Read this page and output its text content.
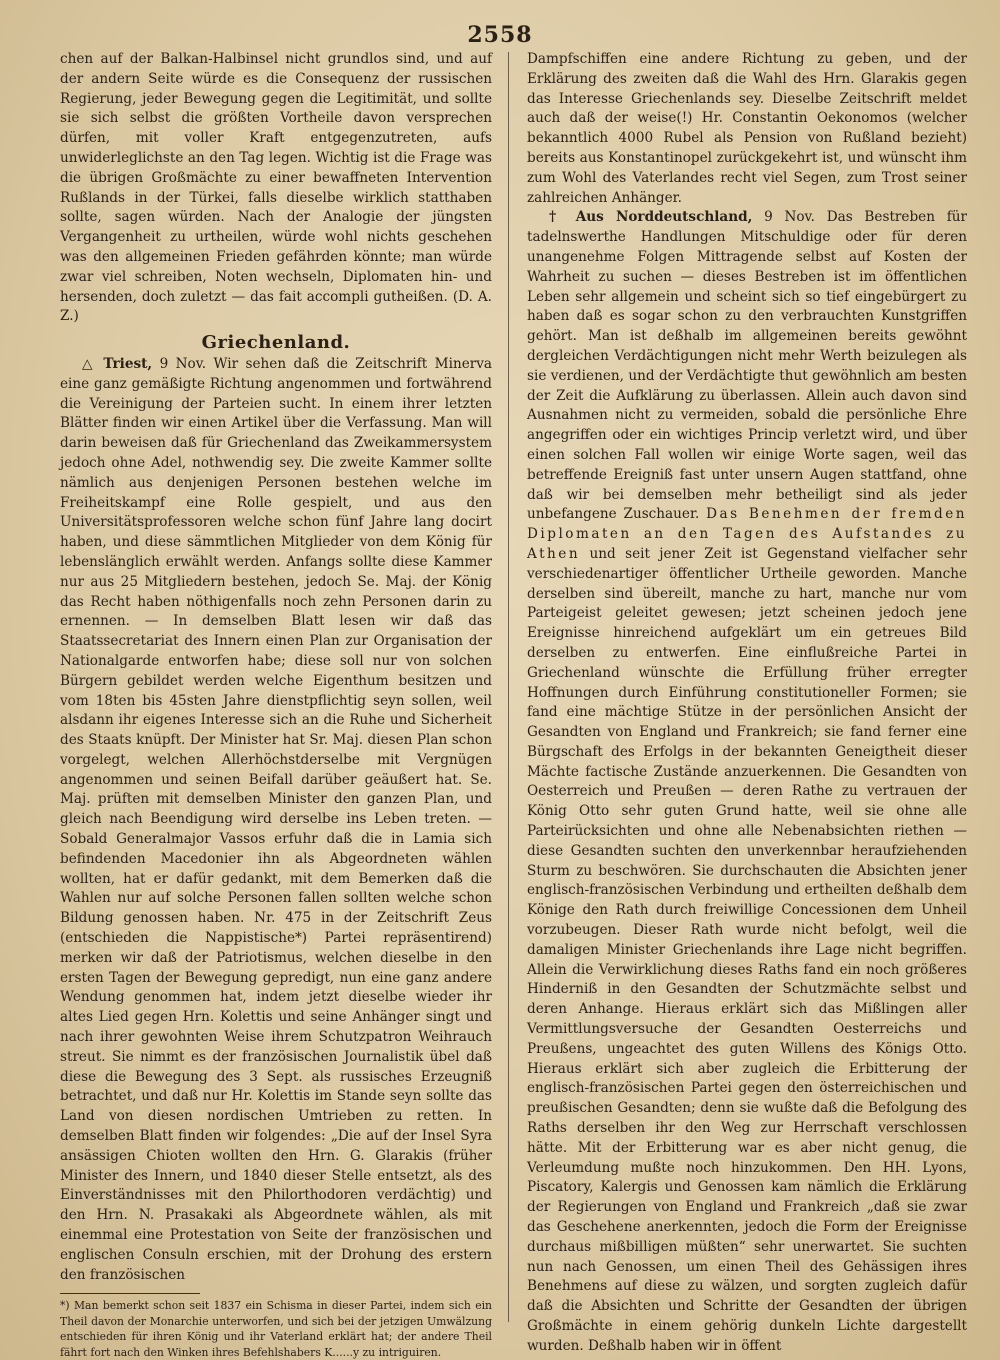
2558

chen auf der Balkan-Halbinsel nicht grundlos sind, und auf der andern Seite würde es die Consequenz der russischen Regierung, jeder Bewegung gegen die Legitimität, und sollte sie sich selbst die größten Vortheile davon versprechen dürfen, mit voller Kraft entgegenzutreten, aufs unwiderleglichste an den Tag legen. Wichtig ist die Frage was die übrigen Großmächte zu einer bewaffneten Intervention Rußlands in der Türkei, falls dieselbe wirklich statthaben sollte, sagen würden. Nach der Analogie der jüngsten Vergangenheit zu urtheilen, würde wohl nichts geschehen was den allgemeinen Frieden gefährden könnte; man würde zwar viel schreiben, Noten wechseln, Diplomaten hin- und hersenden, doch zuletzt — das fait accompli gutheißen. (D. A. Z.)

Griechenland.

△ Triest, 9 Nov. Wir sehen daß die Zeitschrift Minerva eine ganz gemäßigte Richtung angenommen und fortwährend die Vereinigung der Parteien sucht. In einem ihrer letzten Blätter finden wir einen Artikel über die Verfassung. Man will darin beweisen daß für Griechenland das Zweikammersystem jedoch ohne Adel, nothwendig sey. Die zweite Kammer sollte nämlich aus denjenigen Personen bestehen welche im Freiheitskampf eine Rolle gespielt, und aus den Universitätsprofessoren welche schon fünf Jahre lang docirt haben, und diese sämmtlichen Mitglieder von dem König für lebenslänglich erwählt werden. Anfangs sollte diese Kammer nur aus 25 Mitgliedern bestehen, jedoch Se. Maj. der König das Recht haben nöthigenfalls noch zehn Personen darin zu ernennen. — In demselben Blatt lesen wir daß das Staatssecretariat des Innern einen Plan zur Organisation der Nationalgarde entworfen habe; diese soll nur von solchen Bürgern gebildet werden welche Eigenthum besitzen und vom 18ten bis 45sten Jahre dienstpflichtig seyn sollen, weil alsdann ihr eigenes Interesse sich an die Ruhe und Sicherheit des Staats knüpft. Der Minister hat Sr. Maj. diesen Plan schon vorgelegt, welchen Allerhöchstderselbe mit Vergnügen angenommen und seinen Beifall darüber geäußert hat. Se. Maj. prüften mit demselben Minister den ganzen Plan, und gleich nach Beendigung wird derselbe ins Leben treten. — Sobald Generalmajor Vassos erfuhr daß die in Lamia sich befindenden Macedonier ihn als Abgeordneten wählen wollten, hat er dafür gedankt, mit dem Bemerken daß die Wahlen nur auf solche Personen fallen sollten welche schon Bildung genossen haben. Nr. 475 in der Zeitschrift Zeus (entschieden die Nappistische*) Partei repräsentirend) merken wir daß der Patriotismus, welchen dieselbe in den ersten Tagen der Bewegung gepredigt, nun eine ganz andere Wendung genommen hat, indem jetzt dieselbe wieder ihr altes Lied gegen Hrn. Kolettis und seine Anhänger singt und nach ihrer gewohnten Weise ihrem Schutzpatron Weihrauch streut. Sie nimmt es der französischen Journalistik übel daß diese die Bewegung des 3 Sept. als russisches Erzeugniß betrachtet, und daß nur Hr. Kolettis im Stande seyn sollte das Land von diesen nordischen Umtrieben zu retten. In demselben Blatt finden wir folgendes: „Die auf der Insel Syra ansässigen Chioten wollten den Hrn. G. Glarakis (früher Minister des Innern, und 1840 dieser Stelle entsetzt, als des Einverständnisses mit den Philorthodoren verdächtig) und den Hrn. N. Prasakaki als Abgeordnete wählen, als mit einemmal eine Protestation von Seite der französischen und englischen Consuln erschien, mit der Drohung des erstern den französischen

*) Man bemerkt schon seit 1837 ein Schisma in dieser Partei, indem sich ein Theil davon der Monarchie unterworfen, und sich bei der jetzigen Umwälzung entschieden für ihren König und ihr Vaterland erklärt hat; der andere Theil fährt fort nach den Winken ihres Befehlshabers K......y zu intriguiren.

Dampfschiffen eine andere Richtung zu geben, und der Erklärung des zweiten daß die Wahl des Hrn. Glarakis gegen das Interesse Griechenlands sey. Dieselbe Zeitschrift meldet auch daß der weise(!) Hr. Constantin Oekonomos (welcher bekanntlich 4000 Rubel als Pension von Rußland bezieht) bereits aus Konstantinopel zurückgekehrt ist, und wünscht ihm zum Wohl des Vaterlandes recht viel Segen, zum Trost seiner zahlreichen Anhänger.

† Aus Norddeutschland, 9 Nov. Das Bestreben für tadelnswerthe Handlungen Mitschuldige oder für deren unangenehme Folgen Mittragende selbst auf Kosten der Wahrheit zu suchen — dieses Bestreben ist im öffentlichen Leben sehr allgemein und scheint sich so tief eingebürgert zu haben daß es sogar schon zu den verbrauchten Kunstgriffen gehört. Man ist deßhalb im allgemeinen bereits gewöhnt dergleichen Verdächtigungen nicht mehr Werth beizulegen als sie verdienen, und der Verdächtigte thut gewöhnlich am besten der Zeit die Aufklärung zu überlassen. Allein auch davon sind Ausnahmen nicht zu vermeiden, sobald die persönliche Ehre angegriffen oder ein wichtiges Princip verletzt wird, und über einen solchen Fall wollen wir einige Worte sagen, weil das betreffende Ereigniß fast unter unsern Augen stattfand, ohne daß wir bei demselben mehr betheiligt sind als jeder unbefangene Zuschauer. Das Benehmen der fremden Diplomaten an den Tagen des Aufstandes zu Athen und seit jener Zeit ist Gegenstand vielfacher sehr verschiedenartiger öffentlicher Urtheile geworden. Manche derselben sind übereilt, manche zu hart, manche nur vom Parteigeist geleitet gewesen; jetzt scheinen jedoch jene Ereignisse hinreichend aufgeklärt um ein getreues Bild derselben zu entwerfen. Eine einflußreiche Partei in Griechenland wünschte die Erfüllung früher erregter Hoffnungen durch Einführung constitutioneller Formen; sie fand eine mächtige Stütze in der persönlichen Ansicht der Gesandten von England und Frankreich; sie fand ferner eine Bürgschaft des Erfolgs in der bekannten Geneigtheit dieser Mächte factische Zustände anzuerkennen. Die Gesandten von Oesterreich und Preußen — deren Rathe zu vertrauen der König Otto sehr guten Grund hatte, weil sie ohne alle Parteirücksichten und ohne alle Nebenabsichten riethen — diese Gesandten suchten den unverkennbar heraufziehenden Sturm zu beschwören. Sie durchschauten die Absichten jener englisch-französischen Verbindung und ertheilten deßhalb dem Könige den Rath durch freiwillige Concessionen dem Unheil vorzubeugen. Dieser Rath wurde nicht befolgt, weil die damaligen Minister Griechenlands ihre Lage nicht begriffen. Allein die Verwirklichung dieses Raths fand ein noch größeres Hinderniß in den Gesandten der Schutzmächte selbst und deren Anhange. Hieraus erklärt sich das Mißlingen aller Vermittlungsversuche der Gesandten Oesterreichs und Preußens, ungeachtet des guten Willens des Königs Otto. Hieraus erklärt sich aber zugleich die Erbitterung der englisch-französischen Partei gegen den österreichischen und preußischen Gesandten; denn sie wußte daß die Befolgung des Raths derselben ihr den Weg zur Herrschaft verschlossen hätte. Mit der Erbitterung war es aber nicht genug, die Verleumdung mußte noch hinzukommen. Den HH. Lyons, Piscatory, Kalergis und Genossen kam nämlich die Erklärung der Regierungen von England und Frankreich „daß sie zwar das Geschehene anerkennten, jedoch die Form der Ereignisse durchaus mißbilligen müßten“ sehr unerwartet. Sie suchten nun nach Genossen, um einen Theil des Gehässigen ihres Benehmens auf diese zu wälzen, und sorgten zugleich dafür daß die Absichten und Schritte der Gesandten der übrigen Großmächte in einem gehörig dunkeln Lichte dargestellt wurden. Deßhalb haben wir in öffent
